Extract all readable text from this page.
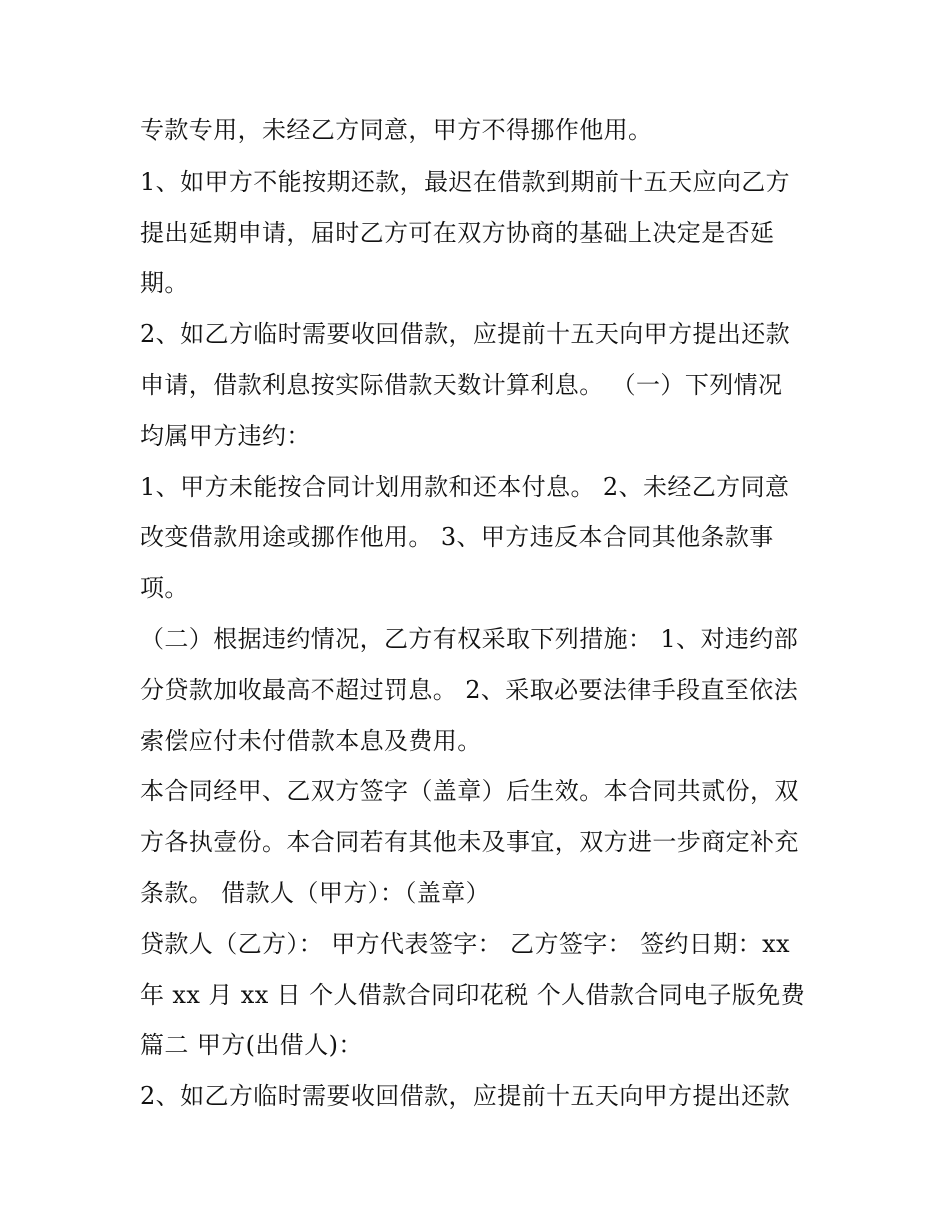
专款专用，未经乙方同意，甲方不得挪作他用。
1、如甲方不能按期还款，最迟在借款到期前十五天应向乙方
提出延期申请，届时乙方可在双方协商的基础上决定是否延
期。
2、如乙方临时需要收回借款，应提前十五天向甲方提出还款
申请，借款利息按实际借款天数计算利息。 （一）下列情况
均属甲方违约：
1、甲方未能按合同计划用款和还本付息。 2、未经乙方同意
改变借款用途或挪作他用。 3、甲方违反本合同其他条款事
项。
（二）根据违约情况，乙方有权采取下列措施： 1、对违约部
分贷款加收最高不超过罚息。 2、采取必要法律手段直至依法
索偿应付未付借款本息及费用。
本合同经甲、乙双方签字（盖章）后生效。本合同共贰份，双
方各执壹份。本合同若有其他未及事宜，双方进一步商定补充
条款。 借款人（甲方）：（盖章）
贷款人（乙方）： 甲方代表签字： 乙方签字： 签约日期：xx
年 xx 月 xx 日 个人借款合同印花税 个人借款合同电子版免费
篇二 甲方(出借人)：
2、如乙方临时需要收回借款，应提前十五天向甲方提出还款
